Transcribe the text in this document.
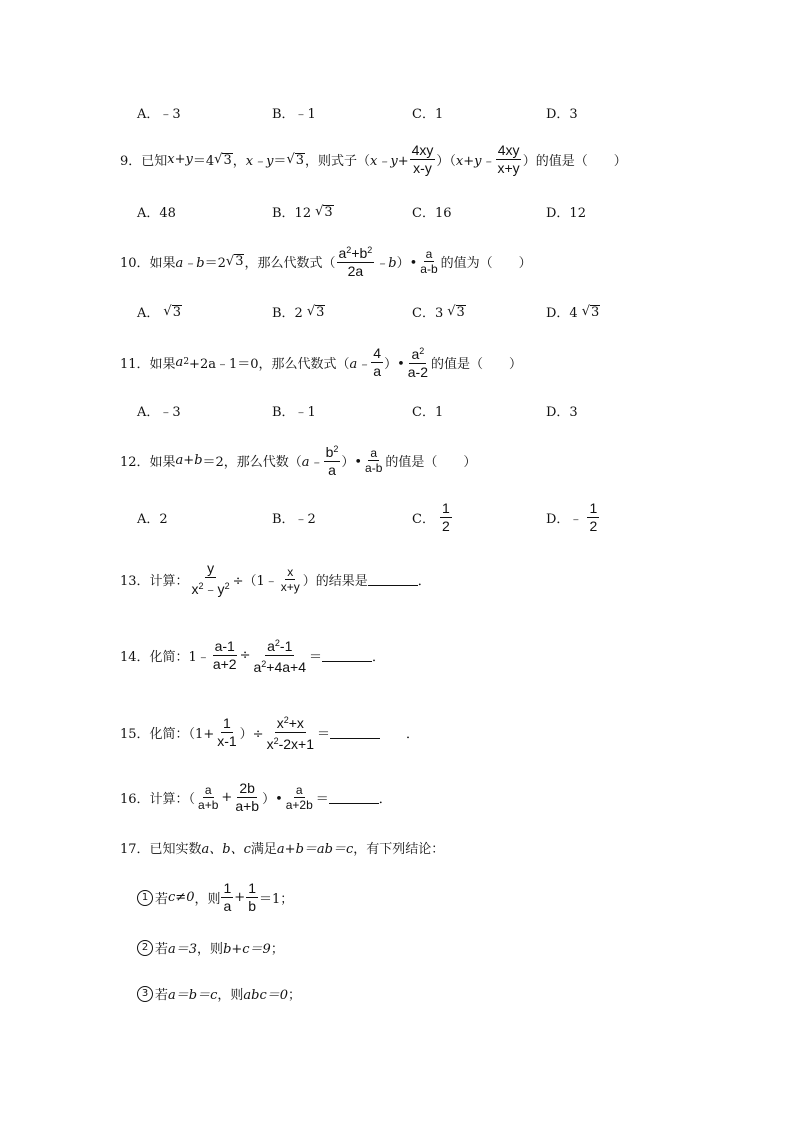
A．﹣3	B．﹣1	C．1	D．3
9．已知 x+y ＝4 √ 3 ， x﹣y ＝ √ 3 ，则式子（ x﹣y+ $\frac{4xy}{x-y}$ ）（ x+y﹣ $\frac{4xy}{x+y}$ ）的值是（　　）
A．48	B．12 √ 3	C．16	D．12
10．如果 a﹣b ＝2 √ 3 ，那么代数式（ $\frac{a^2+b^2}{2a}$ ﹣b ）• $\frac{a}{a-b}$ 的值为（　　）
A． √ 3	B．2 √ 3	C．3 √ 3	D．4 √ 3
11．如果 a 2 +2a﹣1＝0，那么代数式（ a﹣ $\frac{4}{a}$ ）• $\frac{a^2}{a-2}$ 的值是（　　）
A．﹣3	B．﹣1	C．1	D．3
12．如果 a+b ＝2，那么代数（ a﹣ $\frac{b^2}{a}$ ）• $\frac{a}{a-b}$ 的值是（　　）
A．2	B．﹣2	C． $\frac{1}{2}$	D．﹣ $\frac{1}{2}$
13．计算： $\frac{y}{x^2﹣y^2}$ ÷（1﹣ $\frac{x}{x+y}$ ）的结果是	．
14．化简：1﹣ $\frac{a-1}{a+2} \div \frac{a^2-1}{a^2+4a+4}$ ＝	．
15．化简：（$1+ \frac{1}{x-1}$ ）÷ $\frac{x^2+x}{x^2-2x+1}$ ＝	．
16．计算：（ $\frac{a}{a+b} + \frac{2b}{a+b}$ ）• $\frac{a}{a+2b}$ ＝	．
17．已知实数 a、b、c 满足 a+b＝ab＝c ，有下列结论：
1 若 c≠0 ，则 $\frac{1}{a} + \frac{1}{b} =1$；
2 若 a＝3 ，则 b+c＝9 ；
3 若 a＝b＝c ，则 abc＝0 ；
